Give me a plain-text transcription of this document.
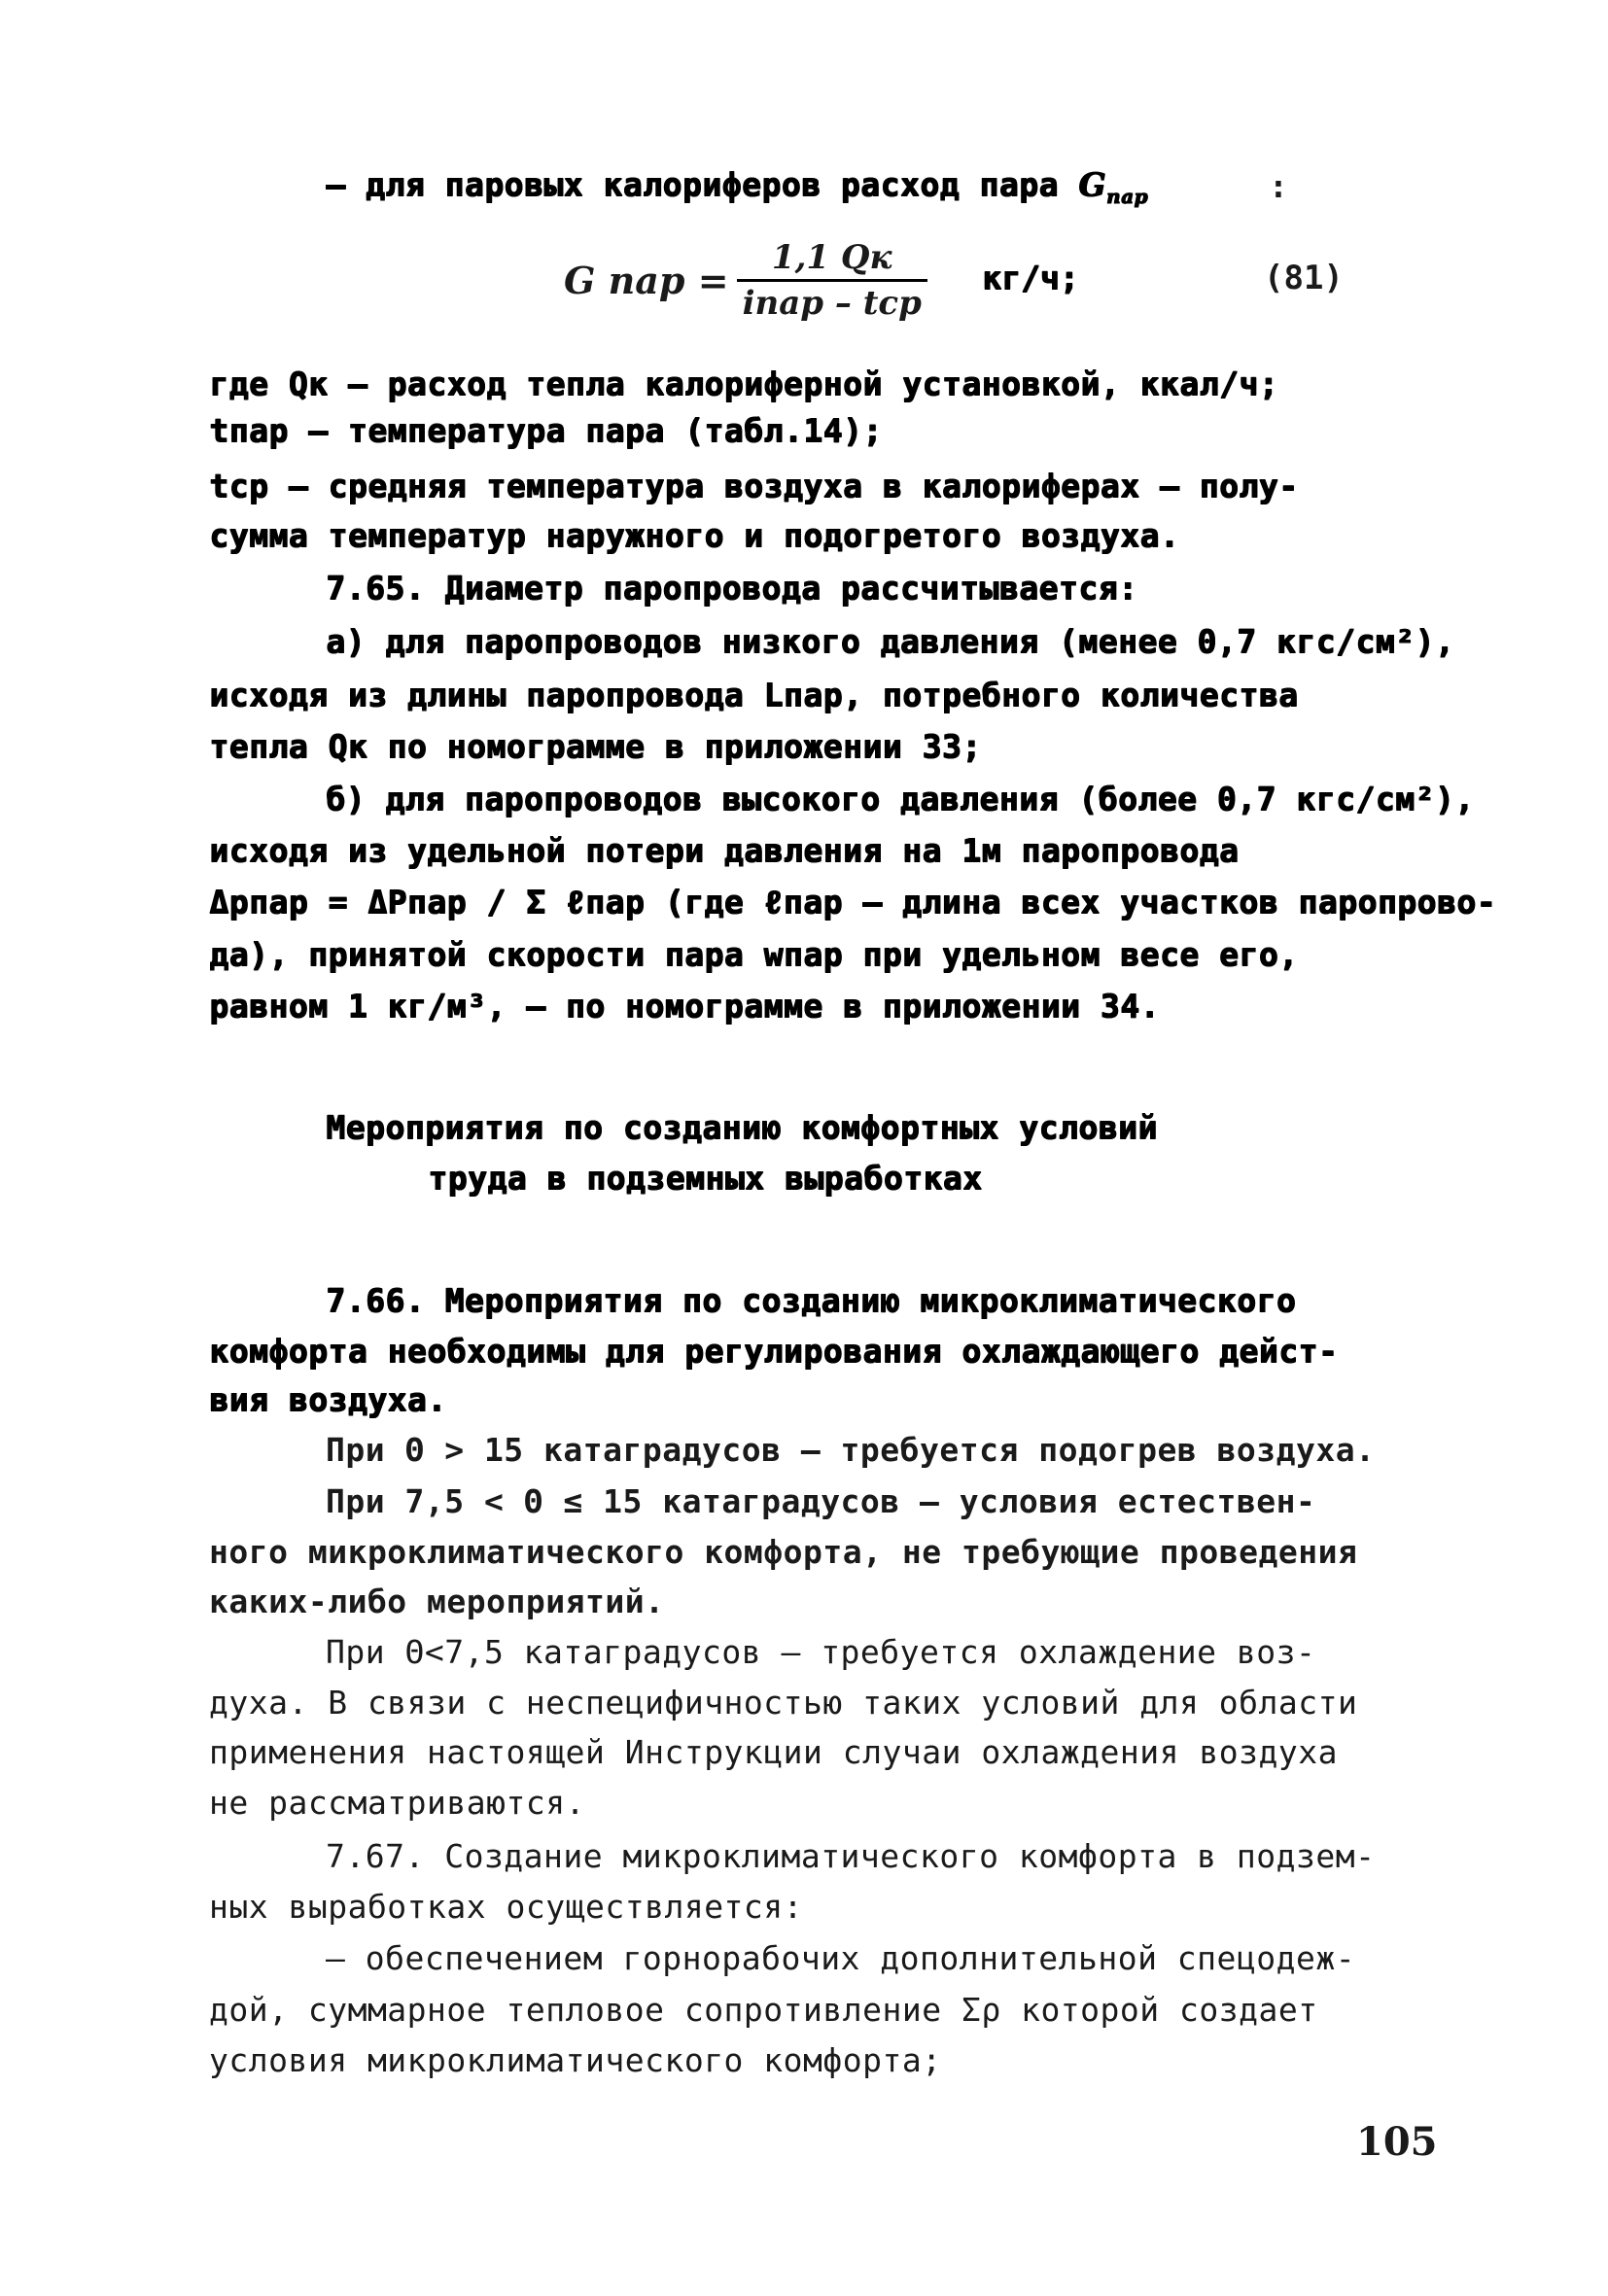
– для паровых калориферов расход пара $G_{пар}$	:
G пар = $\frac{1,1 Qк}{\text{iпар – tср}} кг/ч$;	(81)
где Qк – расход тепла калориферной установкой, ккал/ч;
tпар – температура пара (табл.14);
tср – средняя температура воздуха в калориферах – полу-
сумма температур наружного и подогретого воздуха.
7.65. Диаметр паропровода рассчитывается:
а) для паропроводов низкого давления (менее 0,7 кгс/см²),
исходя из длины паропровода Lпар, потребного количества
тепла Qк по номограмме в приложении 33;
б) для паропроводов высокого давления (более 0,7 кгс/см²),
исходя из удельной потери давления на 1м паропровода
Δрпар = ΔРпар / Σ ℓпар (где ℓпар – длина всех участков паропрово-
да), принятой скорости пара wпар при удельном весе его,
равном 1 кг/м³, – по номограмме в приложении 34.
Мероприятия по созданию комфортных условий
труда в подземных выработках
7.66. Мероприятия по созданию микроклиматического
комфорта необходимы для регулирования охлаждающего дейст-
вия воздуха.
При Θ > 15 катаградусов – требуется подогрев воздуха.
При 7,5 < Θ ≤ 15 катаградусов – условия естествен-
ного микроклиматического комфорта, не требующие проведения
каких-либо мероприятий.
При Θ<7,5 катаградусов – требуется охлаждение воз-
духа. В связи с неспецифичностью таких условий для области
применения настоящей Инструкции случаи охлаждения воздуха
не рассматриваются.
7.67. Создание микроклиматического комфорта в подзем-
ных выработках осуществляется:
– обеспечением горнорабочих дополнительной спецодеж-
дой, суммарное тепловое сопротивление Σρ которой создает
условия микроклиматического комфорта;
105
